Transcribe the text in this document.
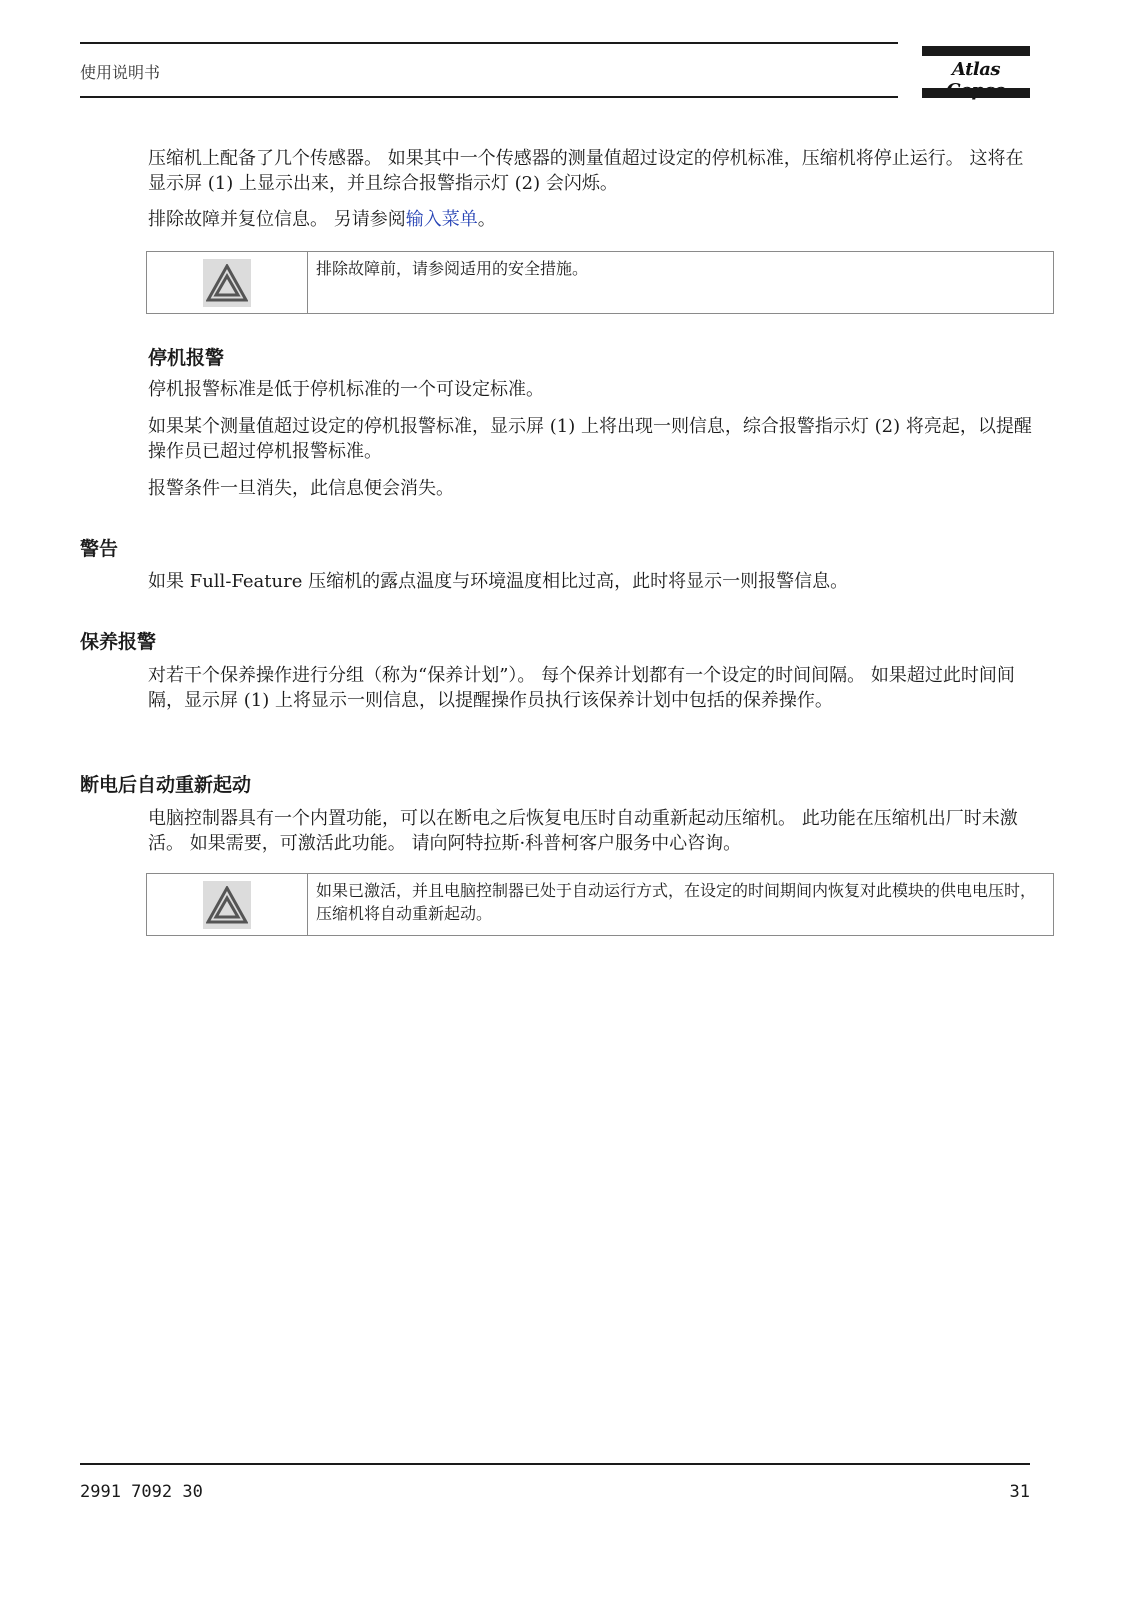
使用说明书	Atlas
压缩机上配备了几个传感器。 如果其中一个传感器的测量值超过设定的停机标准，压缩机将停止运行。 这将在显示屏 (1) 上显示出来，并且综合报警指示灯 (2) 会闪烁。
排除故障并复位信息。 另请参阅输入菜单。
排除故障前，请参阅适用的安全措施。
停机报警
停机报警标准是低于停机标准的一个可设定标准。
如果某个测量值超过设定的停机报警标准，显示屏 (1) 上将出现一则信息，综合报警指示灯 (2) 将亮起，以提醒操作员已超过停机报警标准。
报警条件一旦消失，此信息便会消失。
警告
如果 Full-Feature 压缩机的露点温度与环境温度相比过高，此时将显示一则报警信息。
保养报警
对若干个保养操作进行分组（称为“保养计划”）。 每个保养计划都有一个设定的时间间隔。 如果超过此时间间隔，显示屏 (1) 上将显示一则信息，以提醒操作员执行该保养计划中包括的保养操作。
断电后自动重新起动
电脑控制器具有一个内置功能，可以在断电之后恢复电压时自动重新起动压缩机。 此功能在压缩机出厂时未激活。 如果需要，可激活此功能。 请向阿特拉斯·科普柯客户服务中心咨询。
如果已激活，并且电脑控制器已处于自动运行方式，在设定的时间期间内恢复对此模块的供电电压时，压缩机将自动重新起动。
2991 7092 30	31
